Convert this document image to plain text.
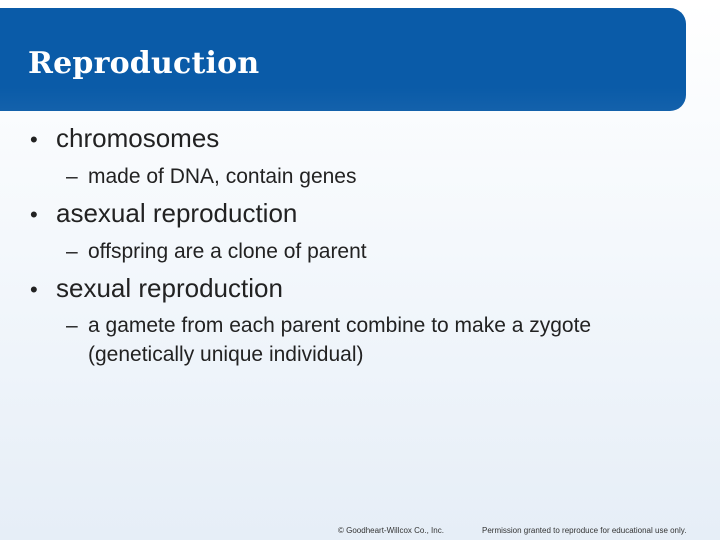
Reproduction
• chromosomes
– made of DNA, contain genes
• asexual reproduction
– offspring are a clone of parent
• sexual reproduction
– a gamete from each parent combine to make a zygote (genetically unique individual)
© Goodheart-Willcox Co., Inc.	Permission granted to reproduce for educational use only.
